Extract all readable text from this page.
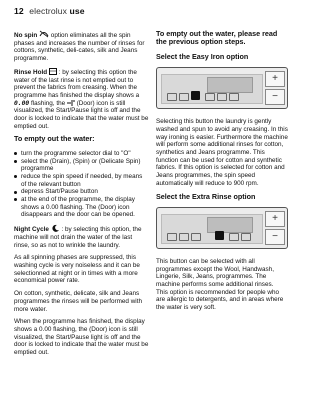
12 electrolux use

No spin option eliminates all the spin phases and increases the number of rinses for cottons, synthetic, deli-cates, silk and Jeans programme.

Rinse Hold : by selecting this option the water of the last rinse is not emptied out to prevent the fabrics from creasing. When the programme has finished the display shows a 0.00 flashing, the (Door) icon is still visualized, the Start/Pause light is off and the door is locked to indicate that the water must be emptied out.

To empty out the water:
turn the programme selector dial to "O"
select the (Drain), (Spin) or (Delicate Spin) programme
reduce the spin speed if needed, by means of the relevant button
depress Start/Pause button
at the end of the programme, the display shows a 0.00 flashing. The (Door) icon disappears and the door can be opened.

Night Cycle : by selecting this option, the machine will not drain the water of the last rinse, so as not to wrinkle the laundry.

As all spinning phases are suppressed, this washing cycle is very noiseless and it can be selectionned at night or in times with a more economical power rate.

On cotton, synthetic, delicate, silk and Jeans programmes the rinses will be performed with more water.

When the programme has finished, the display shows a 0.00 flashing, the (Door) icon is still visualized, the Start/Pause light is off and the door is locked to indicate that the water must be emptied out.

To empty out the water, please read the previous option steps.
Select the Easy Iron option
+
−

Selecting this button the laundry is gently washed and spun to avoid any creasing. In this way ironing is easier. Furthermore the machine will perform some additional rinses for cotton, synthetics and Jeans programme. This function can be used for cotton and synthetic fabrics. If this option is selected for cotton and Jeans programmes, the spin speed automatically will reduce to 900 rpm.

Select the Extra Rinse option
+
−

This button can be selected with all programmes except the Wool, Handwash, Lingerie, Silk, Jeans, programmes. The machine performs some additional rinses.
This option is recommended for people who are allergic to detergents, and in areas where the water is very soft.
